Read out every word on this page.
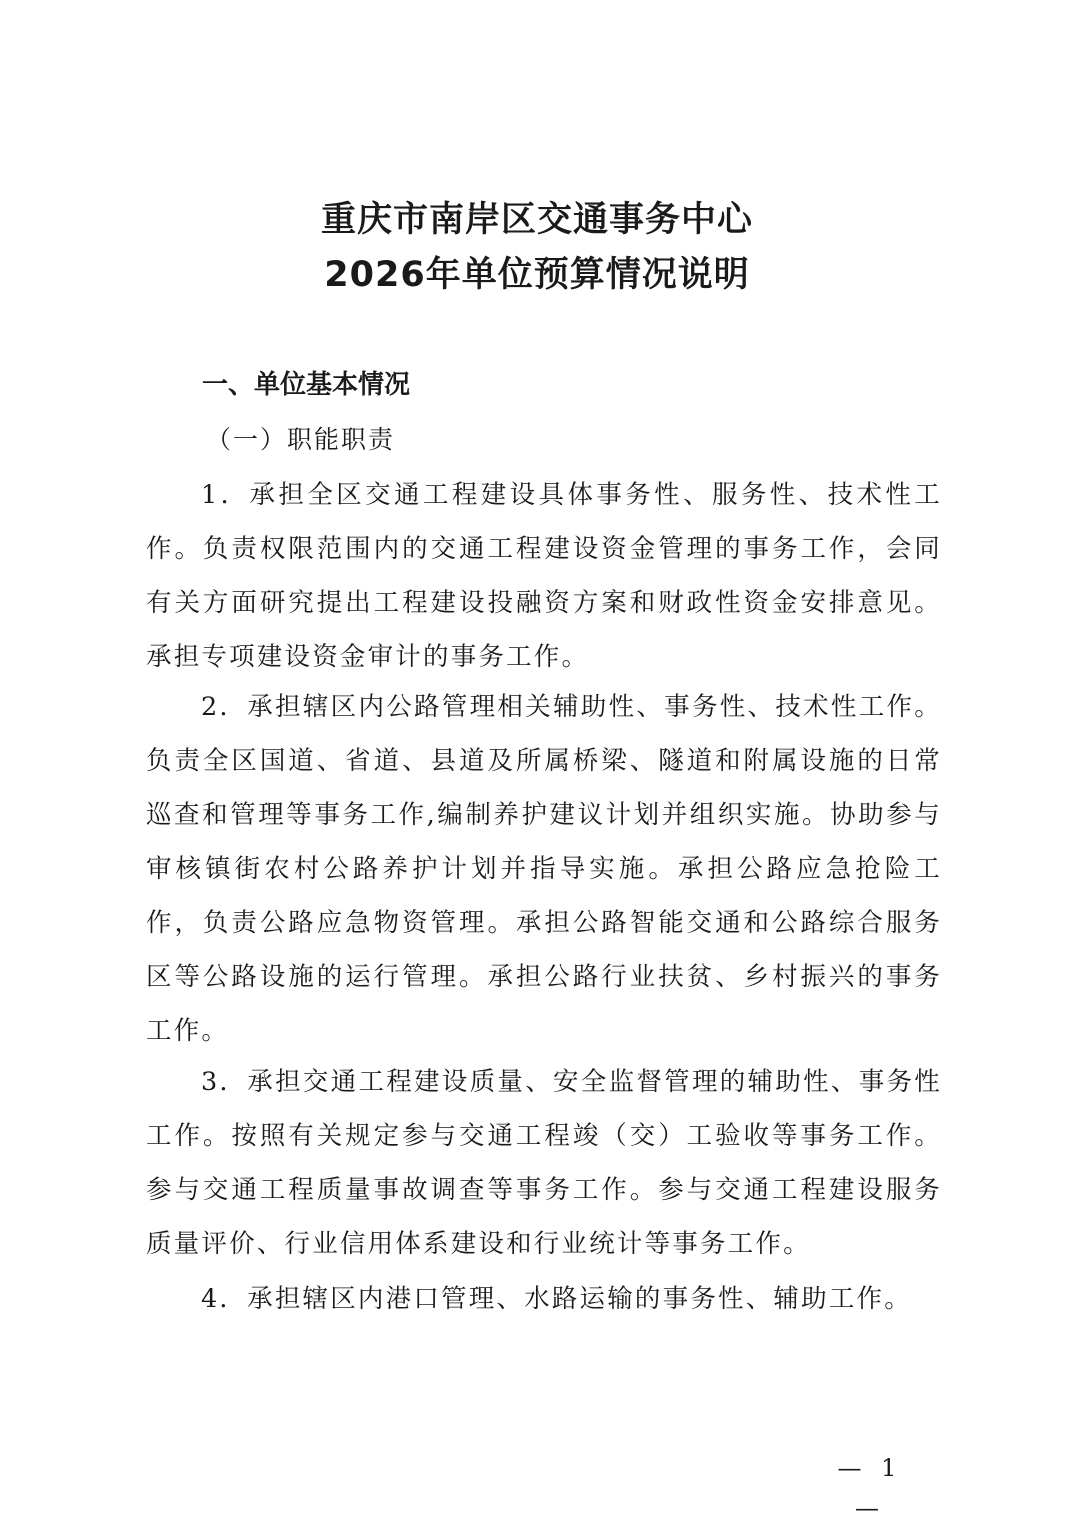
重庆市南岸区交通事务中心
2026年单位预算情况说明
一、单位基本情况
（一）职能职责

1．承担全区交通工程建设具体事务性、服务性、技术性工作。负责权限范围内的交通工程建设资金管理的事务工作，会同有关方面研究提出工程建设投融资方案和财政性资金安排意见。承担专项建设资金审计的事务工作。

2．承担辖区内公路管理相关辅助性、事务性、技术性工作。负责全区国道、省道、县道及所属桥梁、隧道和附属设施的日常巡查和管理等事务工作,编制养护建议计划并组织实施。协助参与审核镇街农村公路养护计划并指导实施。承担公路应急抢险工作，负责公路应急物资管理。承担公路智能交通和公路综合服务区等公路设施的运行管理。承担公路行业扶贫、乡村振兴的事务工作。

3．承担交通工程建设质量、安全监督管理的辅助性、事务性工作。按照有关规定参与交通工程竣（交）工验收等事务工作。参与交通工程质量事故调查等事务工作。参与交通工程建设服务质量评价、行业信用体系建设和行业统计等事务工作。

4．承担辖区内港口管理、水路运输的事务性、辅助工作。

— 1 —
